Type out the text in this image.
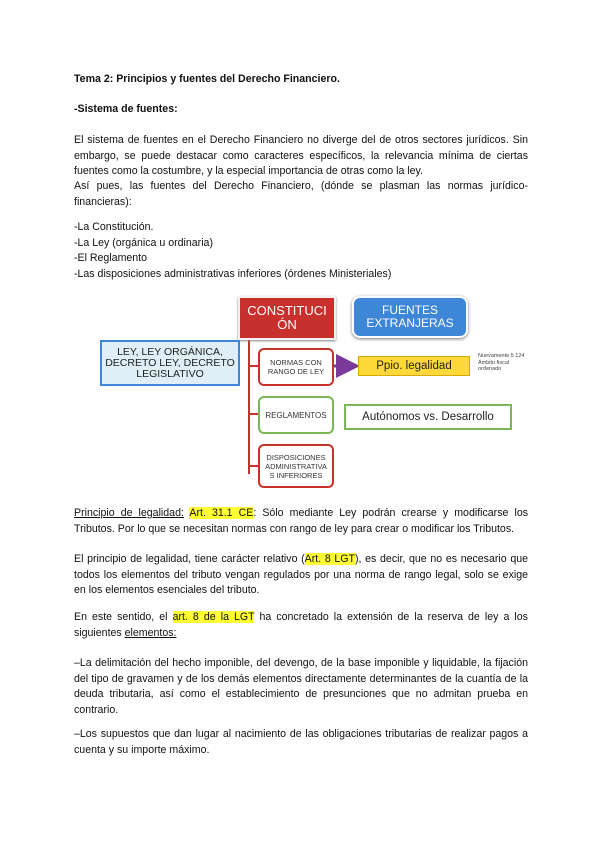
Tema 2: Principios y fuentes del Derecho Financiero.

-Sistema de fuentes:

El sistema de fuentes en el Derecho Financiero no diverge del de otros sectores jurídicos. Sin embargo, se puede destacar como caracteres específicos, la relevancia mínima de ciertas fuentes como la costumbre, y la especial importancia de otras como la ley.

Así pues, las fuentes del Derecho Financiero, (dónde se plasman las normas jurídico-financieras):

-La Constitución.
-La Ley (orgánica u ordinaria)
-El Reglamento
-Las disposiciones administrativas inferiores (órdenes Ministeriales)
CONSTITUCIÓN
FUENTES EXTRANJERAS
LEY, LEY ORGÁNICA, DECRETO LEY, DECRETO LEGISLATIVO
NORMAS CON RANGO DE LEY	Ppio. legalidad
Nuevamente 5 124 Ámbito fiscal ordenado
REGLAMENTOS	Autónomos vs. Desarrollo
DISPOSICIONES ADMINISTRATIVAS INFERIORES

Principio de legalidad: Art. 31.1 CE: Sólo mediante Ley podrán crearse y modificarse los Tributos. Por lo que se necesitan normas con rango de ley para crear o modificar los Tributos.

El principio de legalidad, tiene carácter relativo (Art. 8 LGT), es decir, que no es necesario que todos los elementos del tributo vengan regulados por una norma de rango legal, solo se exige en los elementos esenciales del tributo.

En este sentido, el art. 8 de la LGT ha concretado la extensión de la reserva de ley a los siguientes elementos:

–La delimitación del hecho imponible, del devengo, de la base imponible y liquidable, la fijación del tipo de gravamen y de los demás elementos directamente determinantes de la cuantía de la deuda tributaria, así como el establecimiento de presunciones que no admitan prueba en contrario.

–Los supuestos que dan lugar al nacimiento de las obligaciones tributarias de realizar pagos a cuenta y su importe máximo.
